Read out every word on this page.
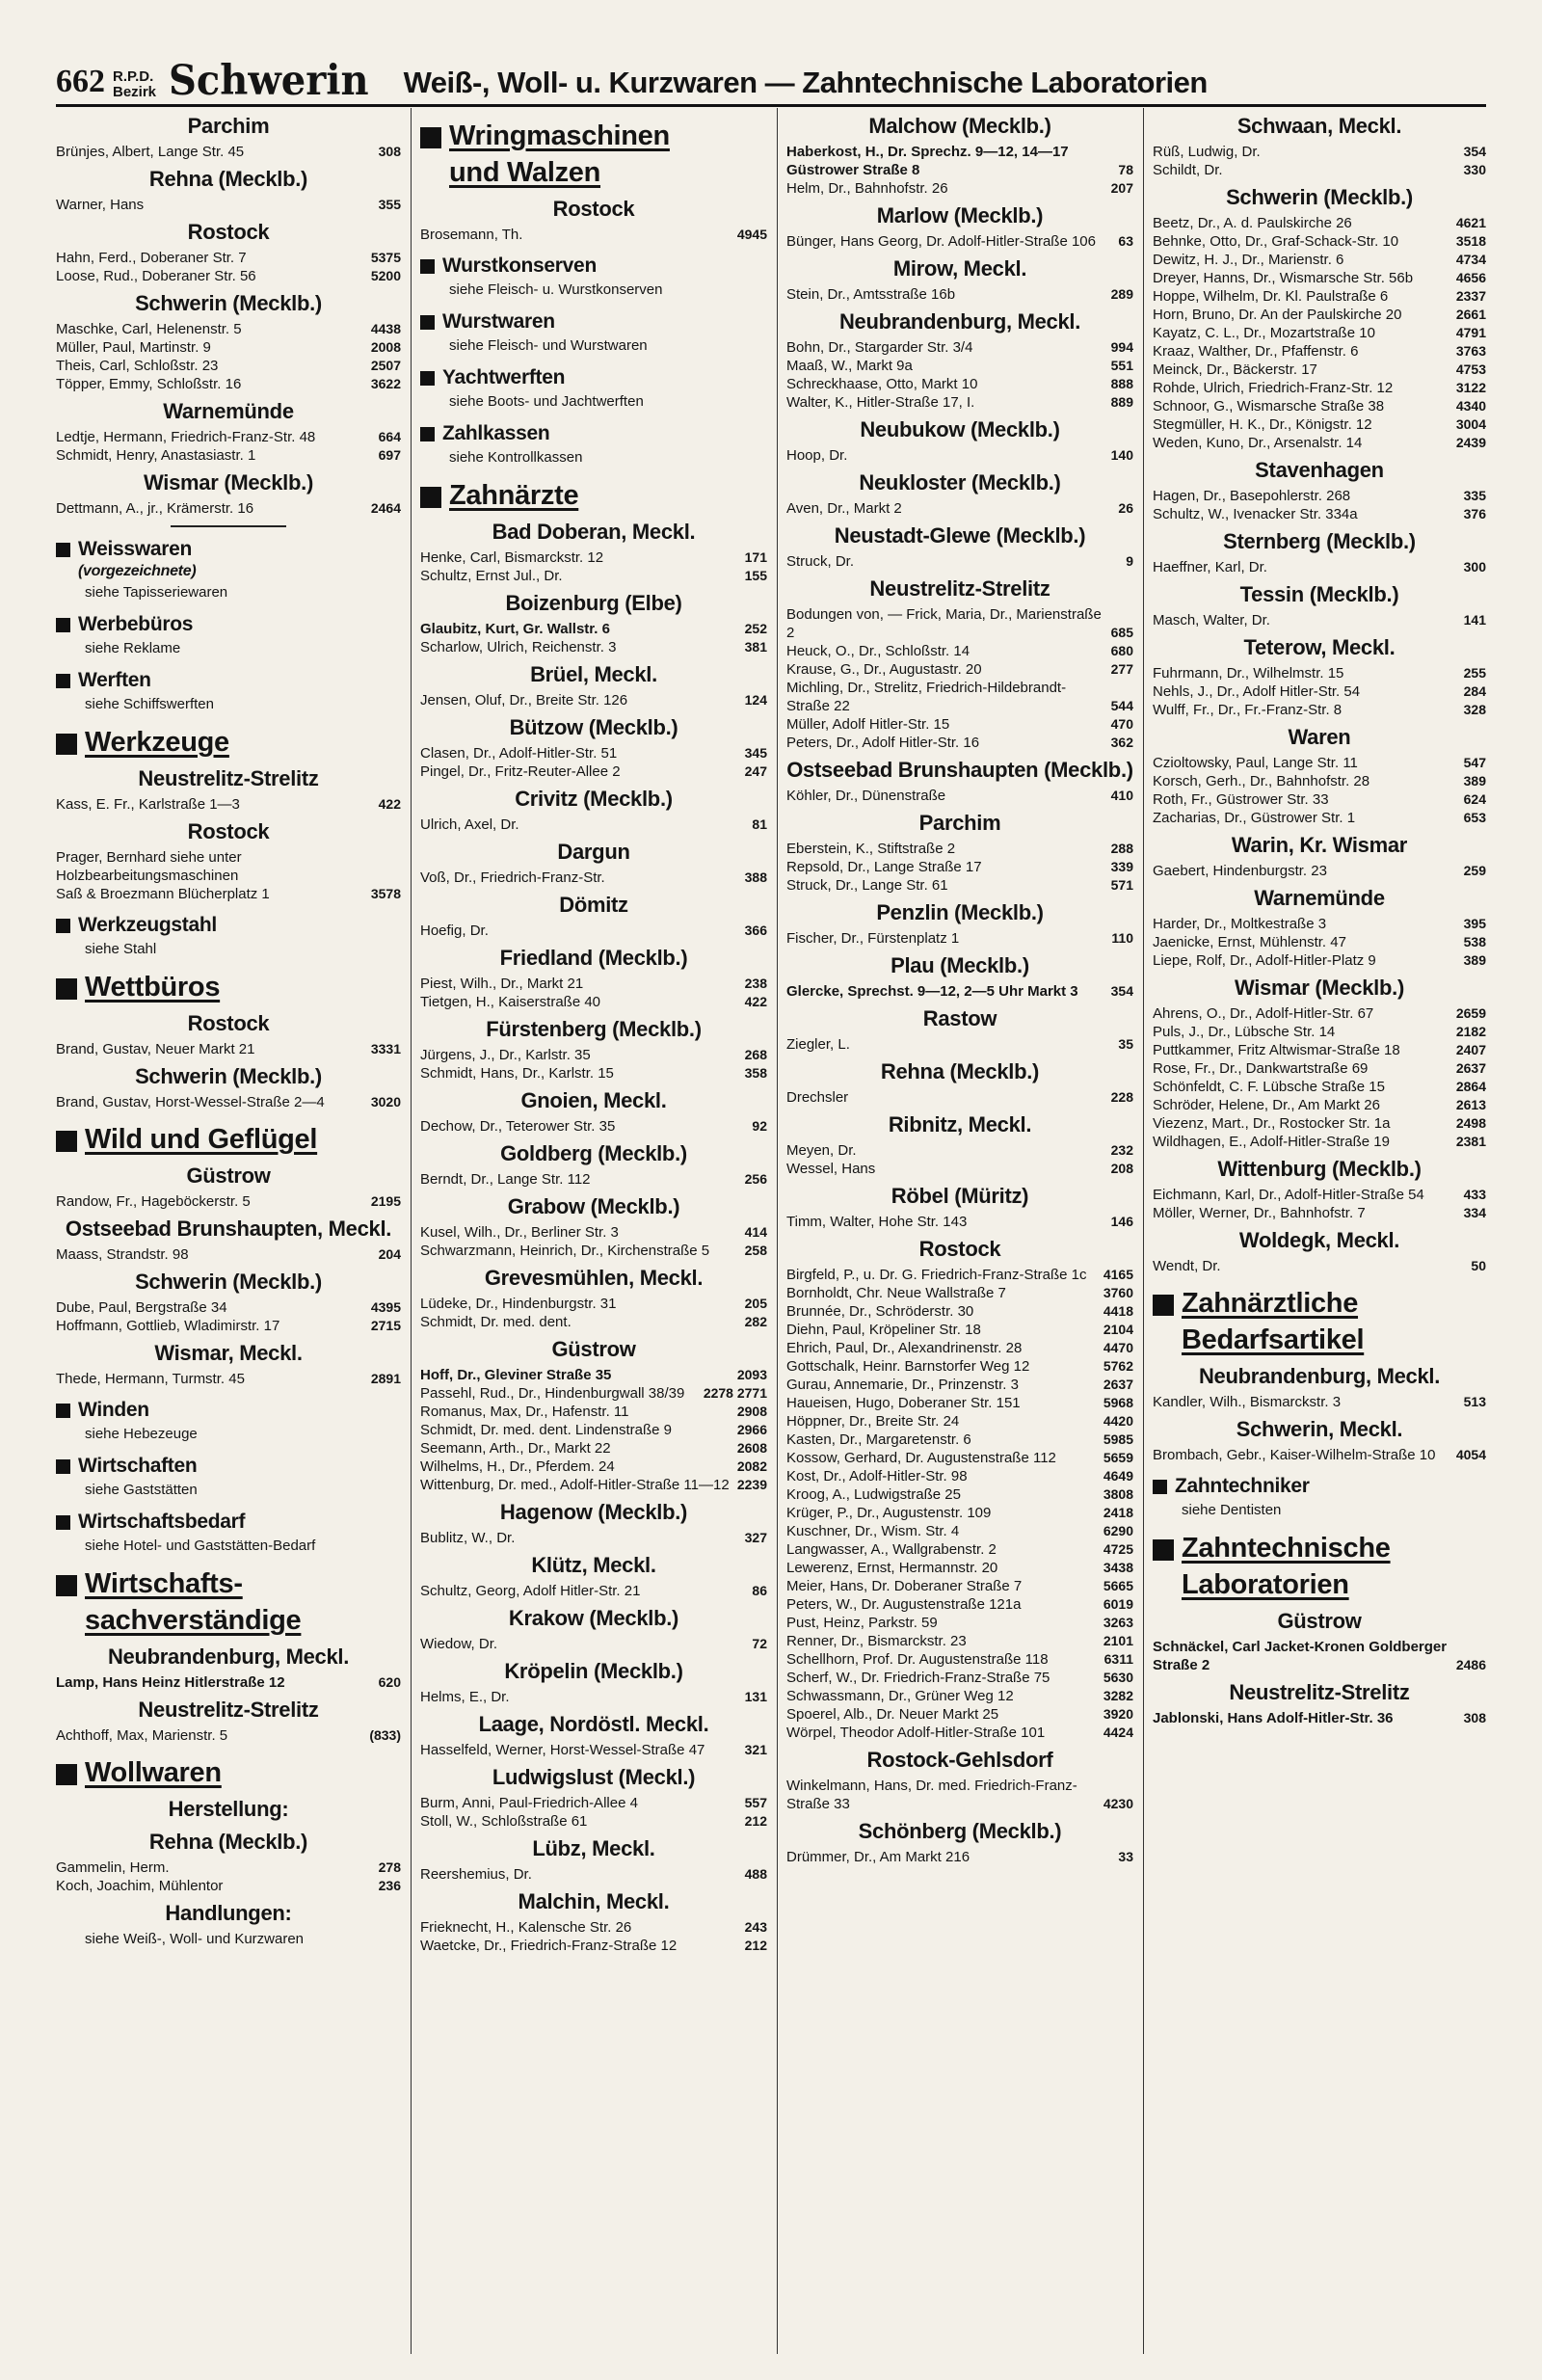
662 R.P.D. Bezirk Schwerin Weiß-, Woll- u. Kurzwaren — Zahntechnische Laboratorien
Parchim
Brünjes, Albert, Lange Str. 45	308
Rehna (Mecklb.)
Warner, Hans	355
Rostock
Hahn, Ferd., Doberaner Str. 7	5375
Loose, Rud., Doberaner Str. 56	5200
Schwerin (Mecklb.)
Maschke, Carl, Helenenstr. 5	4438
Müller, Paul, Martinstr. 9	2008
Theis, Carl, Schloßstr. 23	2507
Töpper, Emmy, Schloßstr. 16	3622
Warnemünde
Ledtje, Hermann, Friedrich-Franz-Str. 48	664
Schmidt, Henry, Anastasiastr. 1	697
Wismar (Mecklb.)
Dettmann, A., jr., Krämerstr. 16	2464
Weisswaren
(vorgezeichnete)
siehe Tapisseriewaren
Werbebüros
siehe Reklame
Werften
siehe Schiffswerften
Werkzeuge
Neustrelitz-Strelitz
Kass, E. Fr., Karlstraße 1—3	422
Rostock
Prager, Bernhard siehe unter Holzbearbeitungsmaschinen
Saß & Broezmann Blücherplatz 1	3578
Werkzeugstahl
siehe Stahl
Wettbüros
Rostock
Brand, Gustav, Neuer Markt 21	3331
Schwerin (Mecklb.)
Brand, Gustav, Horst-Wessel-Straße 2—4	3020
Wild und Geflügel
Güstrow
Randow, Fr., Hageböckerstr. 5	2195
Ostseebad Brunshaupten, Meckl.
Maass, Strandstr. 98	204
Schwerin (Mecklb.)
Dube, Paul, Bergstraße 34	4395
Hoffmann, Gottlieb, Wladimirstr. 17	2715
Wismar, Meckl.
Thede, Hermann, Turmstr. 45	2891
Winden
siehe Hebezeuge
Wirtschaften
siehe Gaststätten
Wirtschaftsbedarf
siehe Hotel- und Gaststätten-Bedarf
Wirtschafts-
sachverständige
Neubrandenburg, Meckl.
Lamp, Hans Heinz Hitlerstraße 12	620
Neustrelitz-Strelitz
Achthoff, Max, Marienstr. 5	(833)
Wollwaren
Herstellung:
Rehna (Mecklb.)
Gammelin, Herm.	278
Koch, Joachim, Mühlentor	236
Handlungen:
siehe Weiß-, Woll- und Kurzwaren
Wringmaschinen
und Walzen
Rostock
Brosemann, Th.	4945
Wurstkonserven
siehe Fleisch- u. Wurstkonserven
Wurstwaren
siehe Fleisch- und Wurstwaren
Yachtwerften
siehe Boots- und Jachtwerften
Zahlkassen
siehe Kontrollkassen
Zahnärzte
Bad Doberan, Meckl.
Henke, Carl, Bismarckstr. 12	171
Schultz, Ernst Jul., Dr.	155
Boizenburg (Elbe)
Glaubitz, Kurt, Gr. Wallstr. 6	252
Scharlow, Ulrich, Reichenstr. 3	381
Brüel, Meckl.
Jensen, Oluf, Dr., Breite Str. 126	124
Bützow (Mecklb.)
Clasen, Dr., Adolf-Hitler-Str. 51	345
Pingel, Dr., Fritz-Reuter-Allee 2	247
Crivitz (Mecklb.)
Ulrich, Axel, Dr.	81
Dargun
Voß, Dr., Friedrich-Franz-Str.	388
Dömitz
Hoefig, Dr.	366
Friedland (Mecklb.)
Piest, Wilh., Dr., Markt 21	238
Tietgen, H., Kaiserstraße 40	422
Fürstenberg (Mecklb.)
Jürgens, J., Dr., Karlstr. 35	268
Schmidt, Hans, Dr., Karlstr. 15	358
Gnoien, Meckl.
Dechow, Dr., Teterower Str. 35	92
Goldberg (Mecklb.)
Berndt, Dr., Lange Str. 112	256
Grabow (Mecklb.)
Kusel, Wilh., Dr., Berliner Str. 3	414
Schwarzmann, Heinrich, Dr., Kirchenstraße 5	258
Grevesmühlen, Meckl.
Lüdeke, Dr., Hindenburgstr. 31	205
Schmidt, Dr. med. dent.	282
Güstrow
Hoff, Dr., Gleviner Straße 35	2093
Passehl, Rud., Dr., Hindenburgwall 38/39	2278 2771
Romanus, Max, Dr., Hafenstr. 11	2908
Schmidt, Dr. med. dent. Lindenstraße 9	2966
Seemann, Arth., Dr., Markt 22	2608
Wilhelms, H., Dr., Pferdem. 24	2082
Wittenburg, Dr. med., Adolf-Hitler-Straße 11—12 2239
Hagenow (Mecklb.)
Bublitz, W., Dr.	327
Klütz, Meckl.
Schultz, Georg, Adolf Hitler-Str. 21	86
Krakow (Mecklb.)
Wiedow, Dr.	72
Kröpelin (Mecklb.)
Helms, E., Dr.	131
Laage, Nordöstl. Meckl.
Hasselfeld, Werner, Horst-Wessel-Straße 47	321
Ludwigslust (Meckl.)
Burm, Anni, Paul-Friedrich-Allee 4	557
Stoll, W., Schloßstraße 61	212
Lübz, Meckl.
Reershemius, Dr.	488
Malchin, Meckl.
Frieknecht, H., Kalensche Str. 26	243
Waetcke, Dr., Friedrich-Franz-Straße 12	212
Malchow (Mecklb.)
Haberkost, H., Dr. Sprechz. 9—12, 14—17 Güstrower Straße 8	78
Helm, Dr., Bahnhofstr. 26	207
Marlow (Mecklb.)
Bünger, Hans Georg, Dr. Adolf-Hitler-Straße 106	63
Mirow, Meckl.
Stein, Dr., Amtsstraße 16b	289
Neubrandenburg, Meckl.
Bohn, Dr., Stargarder Str. 3/4	994
Maaß, W., Markt 9a	551
Schreckhaase, Otto, Markt 10	888
Walter, K., Hitler-Straße 17, I.	889
Neubukow (Mecklb.)
Hoop, Dr.	140
Neukloster (Mecklb.)
Aven, Dr., Markt 2	26
Neustadt-Glewe (Mecklb.)
Struck, Dr.	9
Neustrelitz-Strelitz
Bodungen von, — Frick, Maria, Dr., Marienstraße 2	685
Heuck, O., Dr., Schloßstr. 14	680
Krause, G., Dr., Augustastr. 20	277
Michling, Dr., Strelitz, Friedrich-Hildebrandt-Straße 22	544
Müller, Adolf Hitler-Str. 15	470
Peters, Dr., Adolf Hitler-Str. 16	362
Ostseebad Brunshaupten (Mecklb.)
Köhler, Dr., Dünenstraße	410
Parchim
Eberstein, K., Stiftstraße 2	288
Repsold, Dr., Lange Straße 17	339
Struck, Dr., Lange Str. 61	571
Penzlin (Mecklb.)
Fischer, Dr., Fürstenplatz 1	110
Plau (Mecklb.)
Glercke, Sprechst. 9—12, 2—5 Uhr Markt 3	354
Rastow
Ziegler, L.	35
Rehna (Mecklb.)
Drechsler	228
Ribnitz, Meckl.
Meyen, Dr.	232
Wessel, Hans	208
Röbel (Müritz)
Timm, Walter, Hohe Str. 143	146
Rostock
Birgfeld, P., u. Dr. G. Friedrich-Franz-Straße 1c	4165
Bornholdt, Chr. Neue Wallstraße 7	3760
Brunnée, Dr., Schröderstr. 30	4418
Diehn, Paul, Kröpeliner Str. 18	2104
Ehrich, Paul, Dr., Alexandrinenstr. 28	4470
Gottschalk, Heinr. Barnstorfer Weg 12	5762
Gurau, Annemarie, Dr., Prinzenstr. 3	2637
Haueisen, Hugo, Doberaner Str. 151	5968
Höppner, Dr., Breite Str. 24	4420
Kasten, Dr., Margaretenstr. 6	5985
Kossow, Gerhard, Dr. Augustenstraße 112	5659
Kost, Dr., Adolf-Hitler-Str. 98	4649
Kroog, A., Ludwigstraße 25	3808
Krüger, P., Dr., Augustenstr. 109	2418
Kuschner, Dr., Wism. Str. 4	6290
Langwasser, A., Wallgrabenstr. 2	4725
Lewerenz, Ernst, Hermannstr. 20	3438
Meier, Hans, Dr. Doberaner Straße 7	5665
Peters, W., Dr. Augustenstraße 121a	6019
Pust, Heinz, Parkstr. 59	3263
Renner, Dr., Bismarckstr. 23	2101
Schellhorn, Prof. Dr. Augustenstraße 118	6311
Scherf, W., Dr. Friedrich-Franz-Straße 75	5630
Schwassmann, Dr., Grüner Weg 12	3282
Spoerel, Alb., Dr. Neuer Markt 25	3920
Wörpel, Theodor Adolf-Hitler-Straße 101	4424
Rostock-Gehlsdorf
Winkelmann, Hans, Dr. med. Friedrich-Franz-Straße 33	4230
Schönberg (Mecklb.)
Drümmer, Dr., Am Markt 216	33
Schwaan, Meckl.
Rüß, Ludwig, Dr.	354
Schildt, Dr.	330
Schwerin (Mecklb.)
Beetz, Dr., A. d. Paulskirche 26	4621
Behnke, Otto, Dr., Graf-Schack-Str. 10	3518
Dewitz, H. J., Dr., Marienstr. 6	4734
Dreyer, Hanns, Dr., Wismarsche Str. 56b	4656
Hoppe, Wilhelm, Dr. Kl. Paulstraße 6	2337
Horn, Bruno, Dr. An der Paulskirche 20	2661
Kayatz, C. L., Dr., Mozartstraße 10	4791
Kraaz, Walther, Dr., Pfaffenstr. 6	3763
Meinck, Dr., Bäckerstr. 17	4753
Rohde, Ulrich, Friedrich-Franz-Str. 12	3122
Schnoor, G., Wismarsche Straße 38	4340
Stegmüller, H. K., Dr., Königstr. 12	3004
Weden, Kuno, Dr., Arsenalstr. 14	2439
Stavenhagen
Hagen, Dr., Basepohlerstr. 268	335
Schultz, W., Ivenacker Str. 334a	376
Sternberg (Mecklb.)
Haeffner, Karl, Dr.	300
Tessin (Mecklb.)
Masch, Walter, Dr.	141
Teterow, Meckl.
Fuhrmann, Dr., Wilhelmstr. 15	255
Nehls, J., Dr., Adolf Hitler-Str. 54	284
Wulff, Fr., Dr., Fr.-Franz-Str. 8	328
Waren
Czioltowsky, Paul, Lange Str. 11	547
Korsch, Gerh., Dr., Bahnhofstr. 28	389
Roth, Fr., Güstrower Str. 33	624
Zacharias, Dr., Güstrower Str. 1	653
Warin, Kr. Wismar
Gaebert, Hindenburgstr. 23	259
Warnemünde
Harder, Dr., Moltkestraße 3	395
Jaenicke, Ernst, Mühlenstr. 47	538
Liepe, Rolf, Dr., Adolf-Hitler-Platz 9	389
Wismar (Mecklb.)
Ahrens, O., Dr., Adolf-Hitler-Str. 67	2659
Puls, J., Dr., Lübsche Str. 14	2182
Puttkammer, Fritz Altwismar-Straße 18	2407
Rose, Fr., Dr., Dankwartstraße 69	2637
Schönfeldt, C. F. Lübsche Straße 15	2864
Schröder, Helene, Dr., Am Markt 26	2613
Viezenz, Mart., Dr., Rostocker Str. 1a	2498
Wildhagen, E., Adolf-Hitler-Straße 19	2381
Wittenburg (Mecklb.)
Eichmann, Karl, Dr., Adolf-Hitler-Straße 54	433
Möller, Werner, Dr., Bahnhofstr. 7	334
Woldegk, Meckl.
Wendt, Dr.	50
Zahnärztliche
Bedarfsartikel
Neubrandenburg, Meckl.
Kandler, Wilh., Bismarckstr. 3	513
Schwerin, Meckl.
Brombach, Gebr., Kaiser-Wilhelm-Straße 10	4054
Zahntechniker
siehe Dentisten
Zahntechnische
Laboratorien
Güstrow
Schnäckel, Carl Jacket-Kronen Goldberger Straße 2	2486
Neustrelitz-Strelitz
Jablonski, Hans Adolf-Hitler-Str. 36	308
